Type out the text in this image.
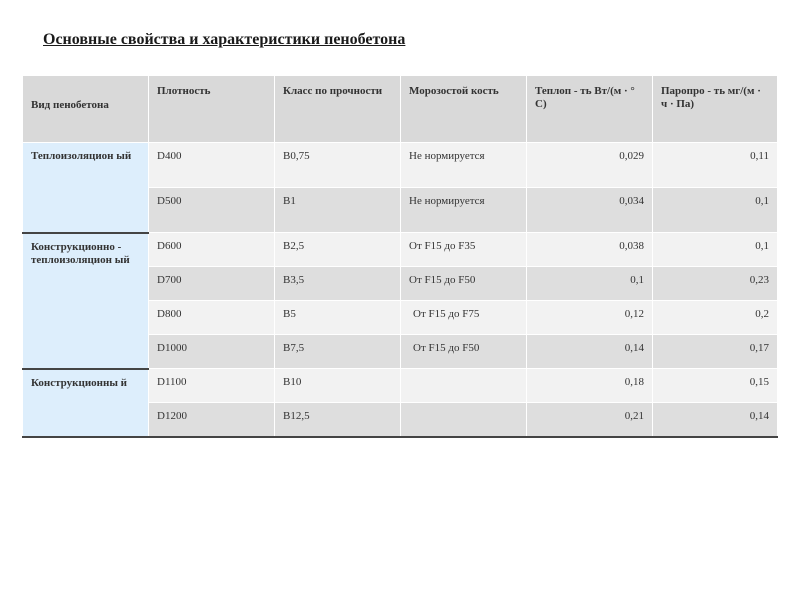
Основные свойства и характеристики пенобетона
Вид пенобетона	Плотность	Класс по прочности	Морозостой кость	Теплоп - ть Вт/(м · ° С)	Паропро - ть мг/(м · ч · Па)
Теплоизоляцион ый	D400	B0,75	Не нормируется	0,029	0,11
	D500	B1	Не нормируется	0,034	0,1
Конструкционно - теплоизоляцион ый	D600	B2,5	От F15 до F35	0,038	0,1
	D700	B3,5	От F15 до F50	0,1	0,23
	D800	B5	От F15 до F75	0,12	0,2
	D1000	B7,5	От F15 до F50	0,14	0,17
Конструкционны й	D1100	B10		0,18	0,15
	D1200	B12,5		0,21	0,14
